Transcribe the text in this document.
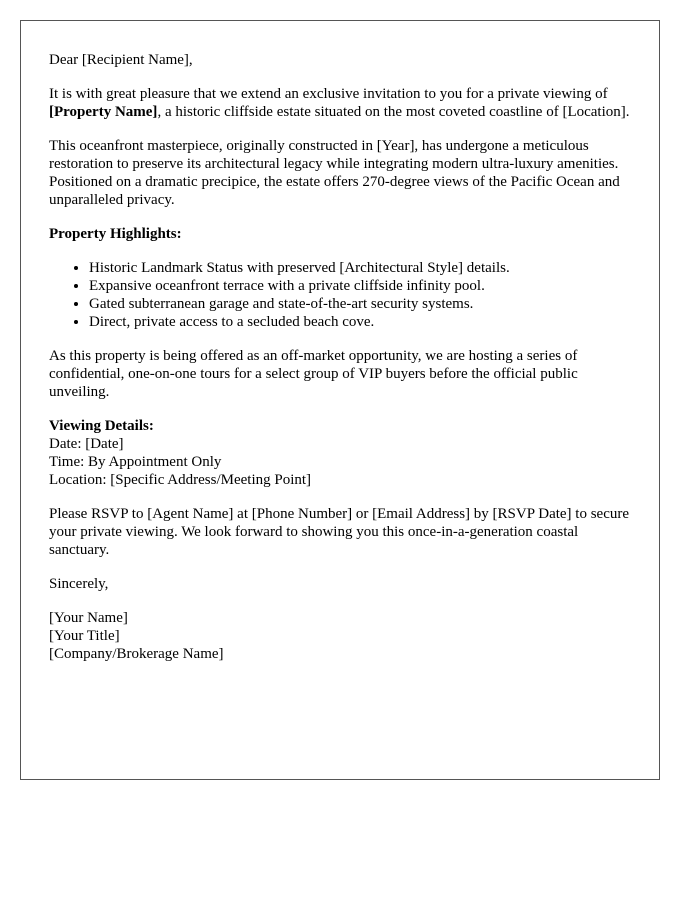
Dear [Recipient Name],

It is with great pleasure that we extend an exclusive invitation to you for a private viewing of [Property Name], a historic cliffside estate situated on the most coveted coastline of [Location].

This oceanfront masterpiece, originally constructed in [Year], has undergone a meticulous restoration to preserve its architectural legacy while integrating modern ultra-luxury amenities. Positioned on a dramatic precipice, the estate offers 270-degree views of the Pacific Ocean and unparalleled privacy.

Property Highlights:

• Historic Landmark Status with preserved [Architectural Style] details.
• Expansive oceanfront terrace with a private cliffside infinity pool.
• Gated subterranean garage and state-of-the-art security systems.
• Direct, private access to a secluded beach cove.

As this property is being offered as an off-market opportunity, we are hosting a series of confidential, one-on-one tours for a select group of VIP buyers before the official public unveiling.

Viewing Details:
Date: [Date]
Time: By Appointment Only
Location: [Specific Address/Meeting Point]

Please RSVP to [Agent Name] at [Phone Number] or [Email Address] by [RSVP Date] to secure your private viewing. We look forward to showing you this once-in-a-generation coastal sanctuary.

Sincerely,

[Your Name]
[Your Title]
[Company/Brokerage Name]
